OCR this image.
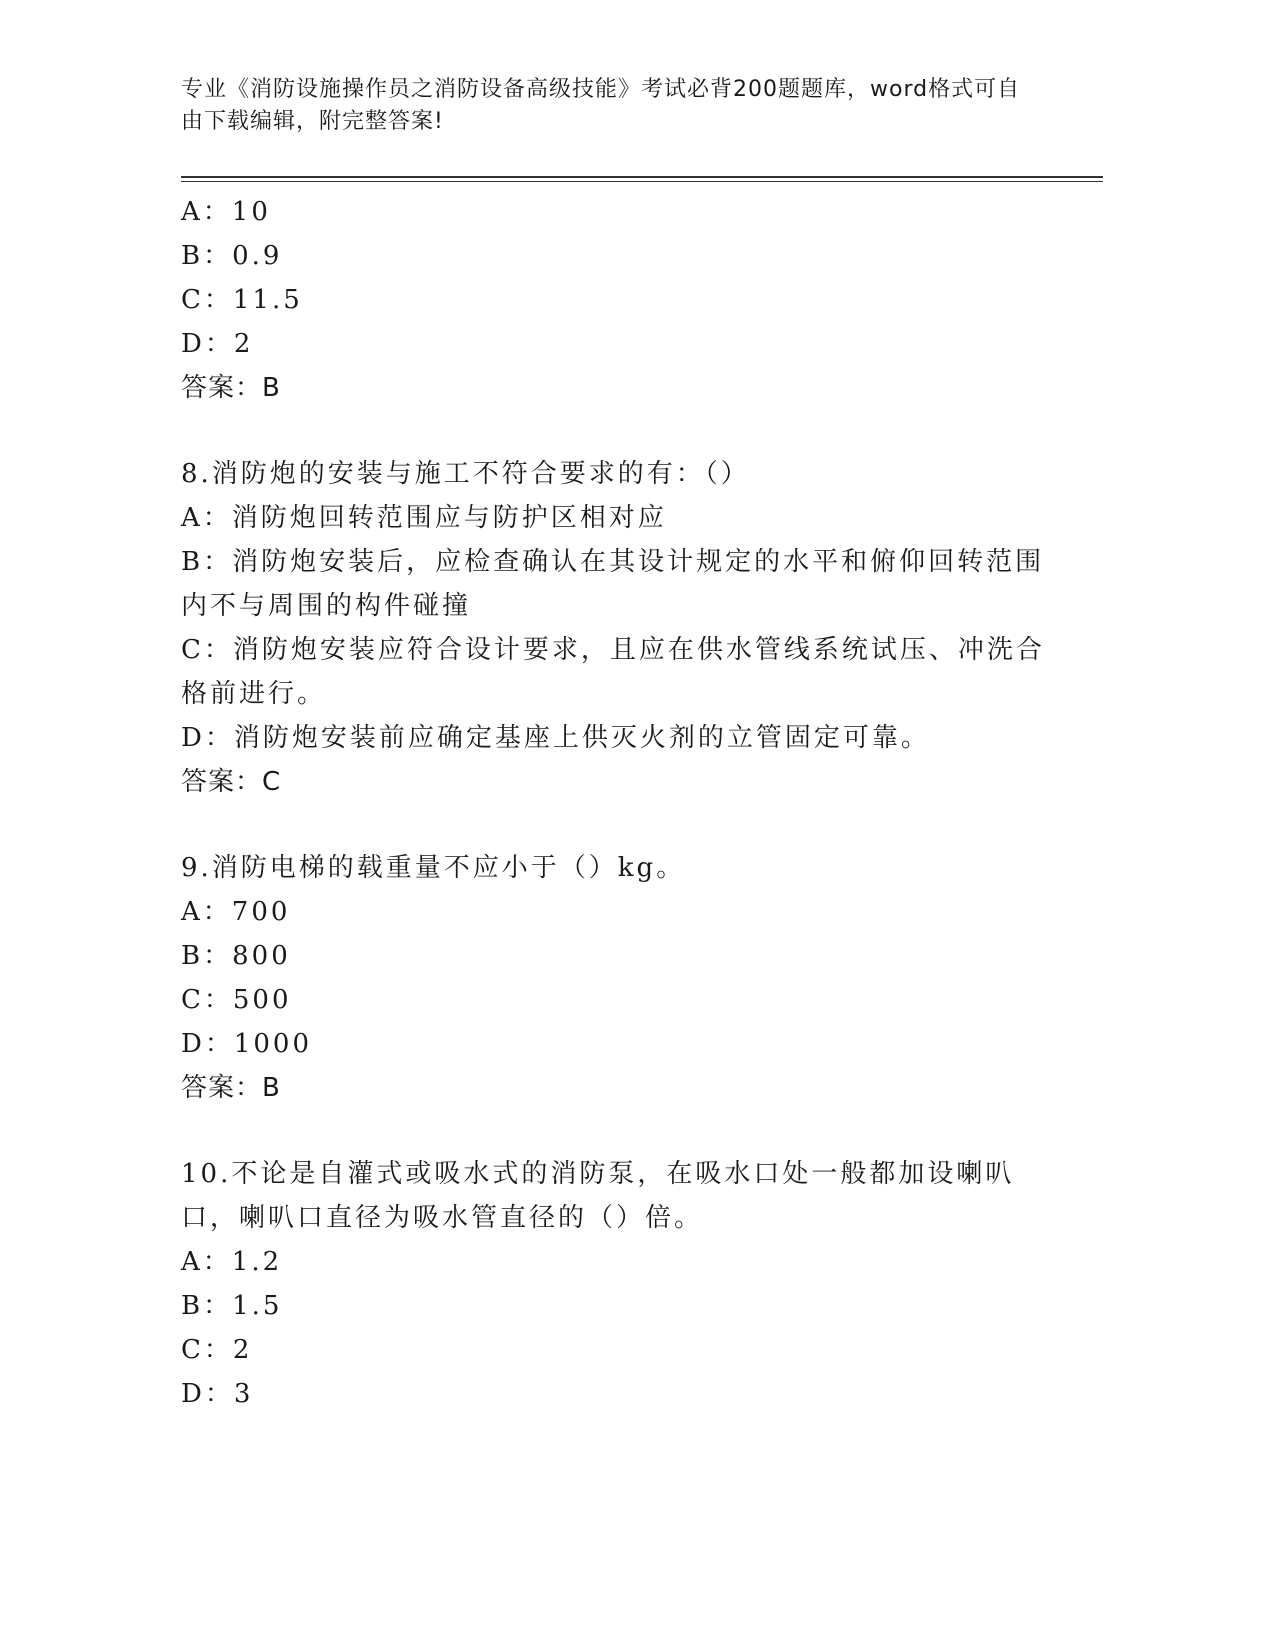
专业《消防设施操作员之消防设备高级技能》考试必背200题题库，word格式可自由下载编辑，附完整答案!
A：10
B：0.9
C：11.5
D：2
答案：B
8.消防炮的安装与施工不符合要求的有：（）
A：消防炮回转范围应与防护区相对应
B：消防炮安装后，应检查确认在其设计规定的水平和俯仰回转范围内不与周围的构件碰撞
C：消防炮安装应符合设计要求，且应在供水管线系统试压、冲洗合格前进行。
D：消防炮安装前应确定基座上供灭火剂的立管固定可靠。
答案：C
9.消防电梯的载重量不应小于（）kg。
A：700
B：800
C：500
D：1000
答案：B
10.不论是自灌式或吸水式的消防泵，在吸水口处一般都加设喇叭口，喇叭口直径为吸水管直径的（）倍。
A：1.2
B：1.5
C：2
D：3
